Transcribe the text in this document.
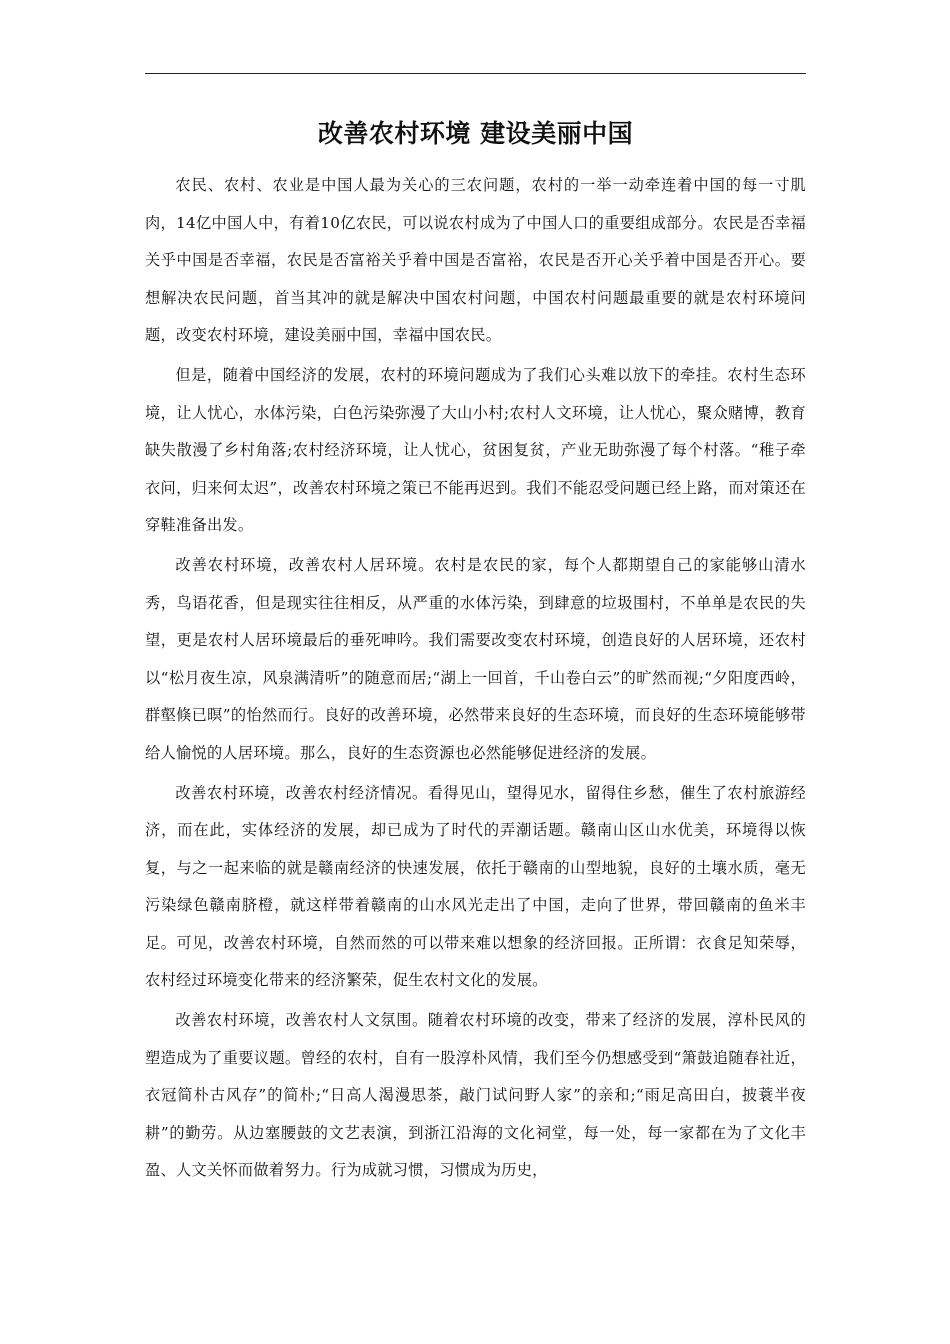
改善农村环境 建设美丽中国

农民、农村、农业是中国人最为关心的三农问题，农村的一举一动牵连着中国的每一寸肌肉，14亿中国人中，有着10亿农民，可以说农村成为了中国人口的重要组成部分。农民是否幸福关乎中国是否幸福，农民是否富裕关乎着中国是否富裕，农民是否开心关乎着中国是否开心。要想解决农民问题，首当其冲的就是解决中国农村问题，中国农村问题最重要的就是农村环境问题，改变农村环境，建设美丽中国，幸福中国农民。

但是，随着中国经济的发展，农村的环境问题成为了我们心头难以放下的牵挂。农村生态环境，让人忧心，水体污染，白色污染弥漫了大山小村;农村人文环境，让人忧心，聚众赌博，教育缺失散漫了乡村角落;农村经济环境，让人忧心，贫困复贫，产业无助弥漫了每个村落。“稚子牵衣问，归来何太迟”，改善农村环境之策已不能再迟到。我们不能忍受问题已经上路，而对策还在穿鞋准备出发。

改善农村环境，改善农村人居环境。农村是农民的家，每个人都期望自己的家能够山清水秀，鸟语花香，但是现实往往相反，从严重的水体污染，到肆意的垃圾围村，不单单是农民的失望，更是农村人居环境最后的垂死呻吟。我们需要改变农村环境，创造良好的人居环境，还农村以“松月夜生凉，风泉满清听”的随意而居;“湖上一回首，千山卷白云”的旷然而视;“夕阳度西岭，群壑倏已暝”的怡然而行。良好的改善环境，必然带来良好的生态环境，而良好的生态环境能够带给人愉悦的人居环境。那么，良好的生态资源也必然能够促进经济的发展。

改善农村环境，改善农村经济情况。看得见山，望得见水，留得住乡愁，催生了农村旅游经济，而在此，实体经济的发展，却已成为了时代的弄潮话题。赣南山区山水优美，环境得以恢复，与之一起来临的就是赣南经济的快速发展，依托于赣南的山型地貌，良好的土壤水质，毫无污染绿色赣南脐橙，就这样带着赣南的山水风光走出了中国，走向了世界，带回赣南的鱼米丰足。可见，改善农村环境，自然而然的可以带来难以想象的经济回报。正所谓：衣食足知荣辱，农村经过环境变化带来的经济繁荣，促生农村文化的发展。

改善农村环境，改善农村人文氛围。随着农村环境的改变，带来了经济的发展，淳朴民风的塑造成为了重要议题。曾经的农村，自有一股淳朴风情，我们至今仍想感受到“箫鼓追随春社近，衣冠简朴古风存”的简朴;“日高人渴漫思茶，敲门试问野人家”的亲和;“雨足高田白，披蓑半夜耕”的勤劳。从边塞腰鼓的文艺表演，到浙江沿海的文化祠堂，每一处，每一家都在为了文化丰盈、人文关怀而做着努力。行为成就习惯，习惯成为历史，
